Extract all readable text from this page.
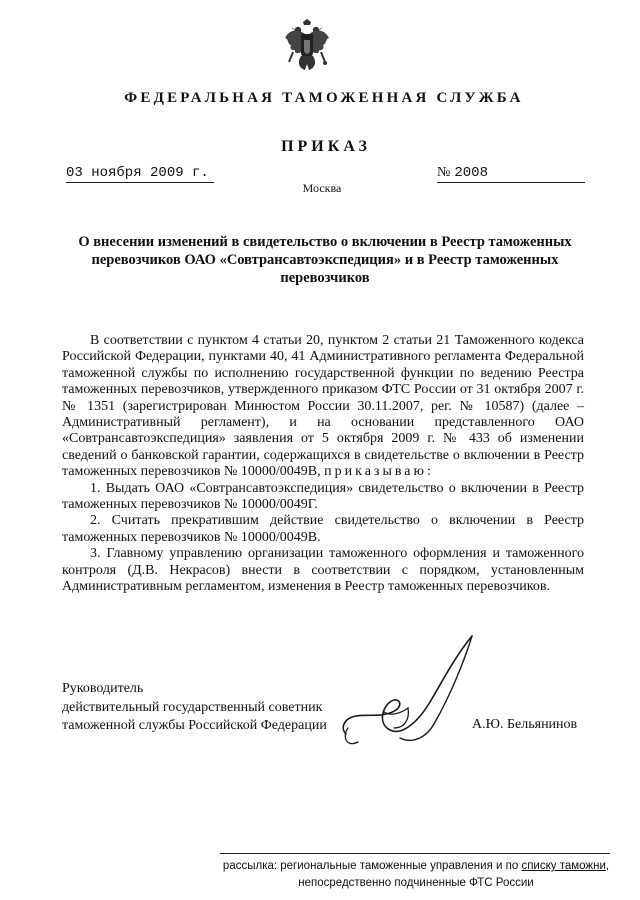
ФЕДЕРАЛЬНАЯ ТАМОЖЕННАЯ СЛУЖБА
ПРИКАЗ
03 ноября 2009 г.	№ 2008
Москва
О внесении изменений в свидетельство о включении в Реестр таможенных перевозчиков ОАО «Совтрансавтоэкспедиция» и в Реестр таможенных перевозчиков

В соответствии с пунктом 4 статьи 20, пунктом 2 статьи 21 Таможенного кодекса Российской Федерации, пунктами 40, 41 Административного регламента Федеральной таможенной службы по исполнению государственной функции по ведению Реестра таможенных перевозчиков, утвержденного приказом ФТС России от 31 октября 2007 г. № 1351 (зарегистрирован Минюстом России 30.11.2007, рег. № 10587) (далее – Административный регламент), и на основании представленного ОАО «Совтрансавтоэкспедиция» заявления от 5 октября 2009 г. № 433 об изменении сведений о банковской гарантии, содержащихся в свидетельстве о включении в Реестр таможенных перевозчиков № 10000/0049В, приказываю:

1. Выдать ОАО «Совтрансавтоэкспедиция» свидетельство о включении в Реестр таможенных перевозчиков № 10000/0049Г.

2. Считать прекратившим действие свидетельство о включении в Реестр таможенных перевозчиков № 10000/0049В.

3. Главному управлению организации таможенного оформления и таможенного контроля (Д.В. Некрасов) внести в соответствии с порядком, установленным Административным регламентом, изменения в Реестр таможенных перевозчиков.

Руководитель
действительный государственный советник
таможенной службы Российской Федерации	А.Ю. Бельянинов
рассылка: региональные таможенные управления и по списку таможни,
непосредственно подчиненные ФТС России
